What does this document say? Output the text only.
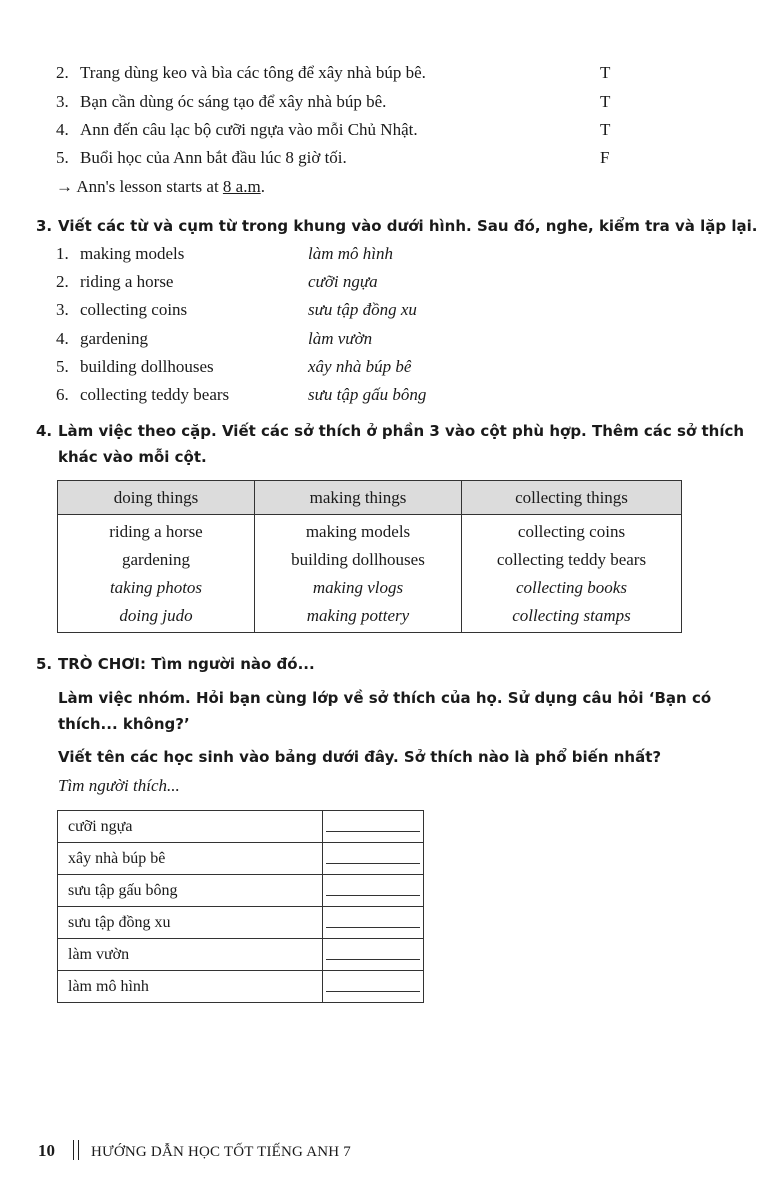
2. Trang dùng keo và bìa các tông để xây nhà búp bê.	T
3. Bạn cần dùng óc sáng tạo để xây nhà búp bê.	T
4. Ann đến câu lạc bộ cưỡi ngựa vào mỗi Chủ Nhật.	T
5. Buổi học của Ann bắt đầu lúc 8 giờ tối.	F
→ Ann's lesson starts at 8 a.m.
3. Viết các từ và cụm từ trong khung vào dưới hình. Sau đó, nghe, kiểm tra và lặp lại.
1. making models	làm mô hình
2. riding a horse	cưỡi ngựa
3. collecting coins	sưu tập đồng xu
4. gardening	làm vườn
5. building dollhouses	xây nhà búp bê
6. collecting teddy bears	sưu tập gấu bông
4. Làm việc theo cặp. Viết các sở thích ở phần 3 vào cột phù hợp. Thêm các sở thích
khác vào mỗi cột.
doing things	making things	collecting things
riding a horse	making models	collecting coins
gardening	building dollhouses	collecting teddy bears
taking photos	making vlogs	collecting books
doing judo	making pottery	collecting stamps
5. TRÒ CHƠI: Tìm người nào đó...
Làm việc nhóm. Hỏi bạn cùng lớp về sở thích của họ. Sử dụng câu hỏi ‘Bạn có
thích... không?’
Viết tên các học sinh vào bảng dưới đây. Sở thích nào là phổ biến nhất?
Tìm người thích...
cưỡi ngựa	
xây nhà búp bê	
sưu tập gấu bông	
sưu tập đồng xu	
làm vườn	
làm mô hình	
10 HƯỚNG DẪN HỌC TỐT TIẾNG ANH 7
